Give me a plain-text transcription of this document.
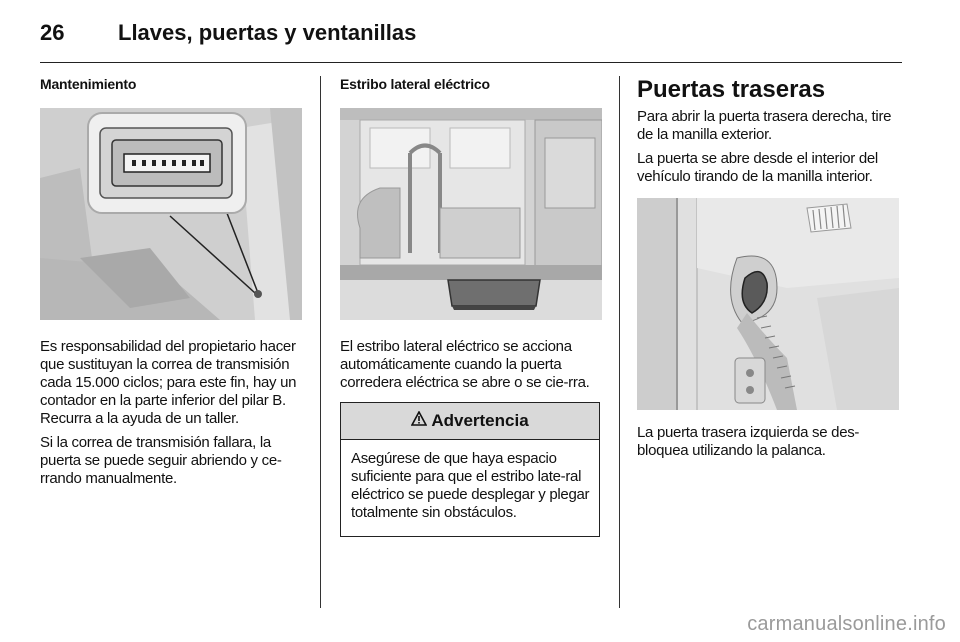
26 Llaves, puertas y ventanillas
Mantenimiento

Es responsabilidad del propietario hacer que sustituyan la correa de transmisión cada 15.000 ciclos; para este fin, hay un contador en la parte inferior del pilar B. Recurra a la ayuda de un taller.

Si la correa de transmisión fallara, la puerta se puede seguir abriendo y ce-rrando manualmente.

Estribo lateral eléctrico

El estribo lateral eléctrico se acciona automáticamente cuando la puerta corredera eléctrica se abre o se cie-rra.

Advertencia

Asegúrese de que haya espacio suficiente para que el estribo late-ral eléctrico se puede desplegar y plegar totalmente sin obstáculos.

Puertas traseras

Para abrir la puerta trasera derecha, tire de la manilla exterior.

La puerta se abre desde el interior del vehículo tirando de la manilla interior.

La puerta trasera izquierda se des-bloquea utilizando la palanca.

carmanualsonline.info
